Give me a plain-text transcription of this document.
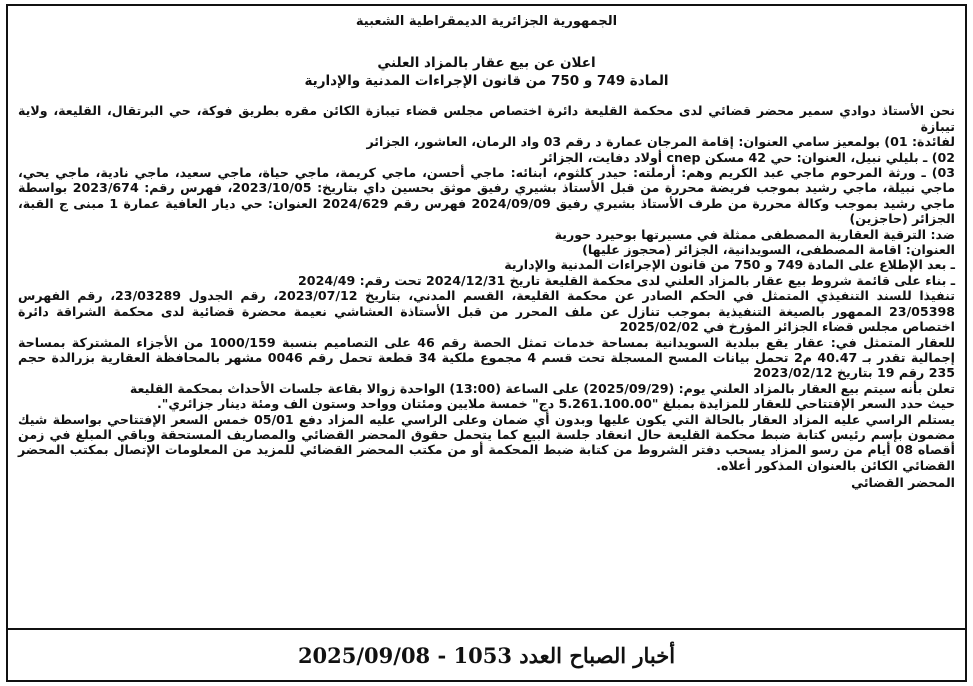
الجمهورية الجزائرية الديمقراطية الشعبية
اعلان عن بيع عقار بالمزاد العلني
المادة 749 و 750 من قانون الإجراءات المدنية والإدارية

نحن الأستاذ دوادي سمير محضر قضائي لدى محكمة القليعة دائرة اختصاص مجلس قضاء تيبازة الكائن مقره بطريق فوكة، حي البرتقال، القليعة، ولاية تيبازة

لفائدة: 01) بولمعيز سامي العنوان: إقامة المرجان عمارة د رقم 03 واد الرمان، العاشور، الجزائر

02) ـ بليلي نبيل، العنوان: حي 42 مسكن cnep أولاد دفايت، الجزائر

03) ـ ورثة المرحوم ماجي عبد الكريم وهم: أرملته: حيدر كلثوم، ابنائه: ماجي أحسن، ماجي كريمة، ماجي حياة، ماجي سعيد، ماجي نادية، ماجي يحي، ماجي نبيلة، ماجي رشيد بموجب فريضة محررة من قبل الأستاذ بشيري رفيق موثق بحسين داي بتاريخ: 2023/10/05، فهرس رقم: 2023/674 بواسطة ماجي رشيد بموجب وكالة محررة من طرف الأستاذ بشيري رفيق 2024/09/09 فهرس رقم 2024/629 العنوان: حي ديار العافية عمارة 1 مبنى ج القبة، الجزائر (حاجزين)

ضد: الترقية العقارية المصطفى ممثلة في مسيرتها بوحيرد حورية

العنوان: اقامة المصطفى، السويدانية، الجزائر (محجوز عليها)

ـ بعد الإطلاع على المادة 749 و 750 من قانون الإجراءات المدنية والإدارية

ـ بناء على قائمة شروط بيع عقار بالمزاد العلني لدى محكمة القليعة تاريخ 2024/12/31 تحت رقم: 2024/49

تنفيذا للسند التنفيذي المتمثل في الحكم الصادر عن محكمة القليعة، القسم المدني، بتاريخ 2023/07/12، رقم الجدول 23/03289، رقم الفهرس 23/05398 الممهور بالصيغة التنفيذية بموجب تنازل عن ملف المحرر من قبل الأستاذة العشاشي نعيمة محضرة قضائية لدى محكمة الشراقة دائرة اختصاص مجلس قضاء الجزائر المؤرخ في 2025/02/02

للعقار المتمثل في: عقار يقع ببلدية السويدانية بمساحة خدمات تمثل الحصة رقم 46 على التصاميم بنسبة 1000/159 من الأجزاء المشتركة بمساحة إجمالية تقدر بـ 40.47 م2 تحمل بيانات المسح المسجلة تحت قسم 4 مجموع ملكية 34 قطعة تحمل رقم 0046 مشهر بالمحافظة العقارية بزرالدة حجم 235 رقم 19 بتاريخ 2023/02/12

تعلن بأنه سيتم بيع العقار بالمزاد العلني يوم: (2025/09/29) على الساعة (13:00) الواحدة زوالا بقاعة جلسات الأحداث بمحكمة القليعة

حيث حدد السعر الإفتتاحي للعقار للمزايدة بمبلغ "5.261.100.00 دج" خمسة ملايين ومئتان وواحد وستون الف ومئة دينار جزائري".

يستلم الراسي عليه المزاد العقار بالحالة التي يكون عليها وبدون أي ضمان وعلى الراسي عليه المزاد دفع 05/01 خمس السعر الإفتتاحي بواسطة شيك مضمون بإسم رئيس كتابة ضبط محكمة القليعة حال انعقاد جلسة البيع كما يتحمل حقوق المحضر القضائي والمصاريف المستحقة وباقي المبلغ في زمن أقصاه 08 أيام من رسو المزاد يسحب دفتر الشروط من كتابة ضبط المحكمة أو من مكتب المحضر القضائي للمزيد من المعلومات الإتصال بمكتب المحضر القضائي الكائن بالعنوان المذكور أعلاه.

المحضر القضائي

أخبار الصباح العدد 1053 - 2025/09/08
